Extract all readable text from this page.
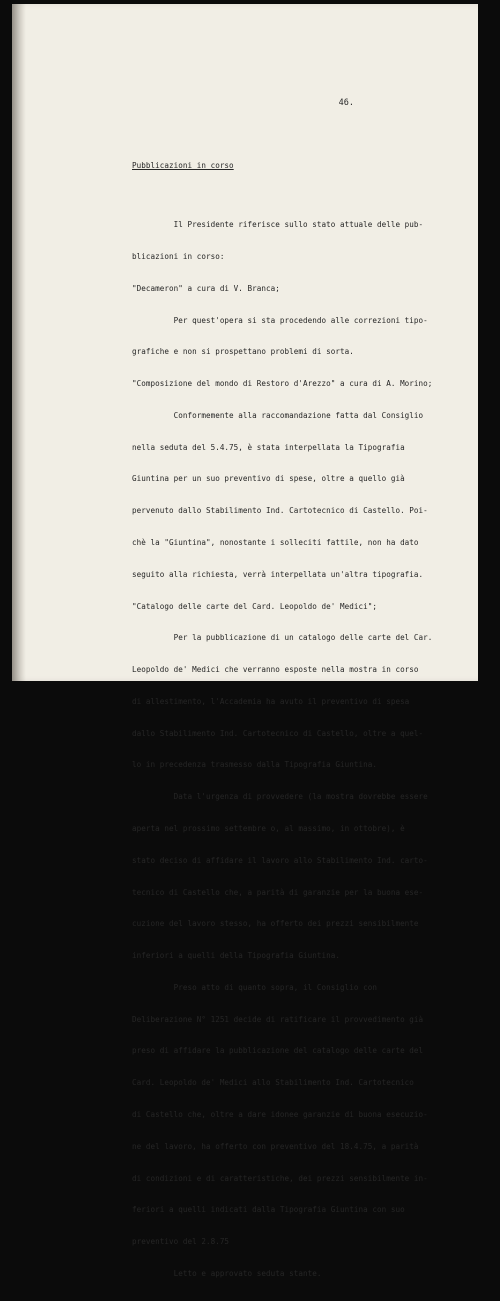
46.

Pubblicazioni in corso

Il Presidente riferisce sullo stato attuale delle pub-

blicazioni in corso:

"Decameron" a cura di V. Branca;

Per quest'opera si sta procedendo alle correzioni tipo-

grafiche e non si prospettano problemi di sorta.

"Composizione del mondo di Restoro d'Arezzo" a cura di A. Morino;

Conformemente alla raccomandazione fatta dal Consiglio

nella seduta del 5.4.75, è stata interpellata la Tipografia

Giuntina per un suo preventivo di spese, oltre a quello già

pervenuto dallo Stabilimento Ind. Cartotecnico di Castello. Poi-

chè la "Giuntina", nonostante i solleciti fattile, non ha dato

seguito alla richiesta, verrà interpellata un'altra tipografia.

"Catalogo delle carte del Card. Leopoldo de' Medici";

Per la pubblicazione di un catalogo delle carte del Car.

Leopoldo de' Medici che verranno esposte nella mostra in corso

di allestimento, l'Accademia ha avuto il preventivo di spesa

dallo Stabilimento Ind. Cartotecnico di Castello, oltre a quel-

lo in precedenza trasmesso dalla Tipografia Giuntina.

Data l'urgenza di provvedere (la mostra dovrebbe essere

aperta nel prossimo settembre o, al massimo, in ottobre), è

stato deciso di affidare il lavoro allo Stabilimento Ind. carto-

tecnico di Castello che, a parità di garanzie per la buona ese-

cuzione del lavoro stesso, ha offerto dei prezzi sensibilmente

inferiori a quelli della Tipografia Giuntina.

Preso atto di quanto sopra, il Consiglio con

Deliberazione N° 1251 decide di ratificare il provvedimento già

preso di affidare la pubblicazione del catalogo delle carte del

Card. Leopoldo de' Medici allo Stabilimento Ind. Cartotecnico

di Castello che, oltre a dare idonee garanzie di buona esecuzio-

ne del lavoro, ha offerto con preventivo del 18.4.75, a parità

di condizioni e di caratteristiche, dei prezzi sensibilmente in-

feriori a quelli indicati dalla Tipografia Giuntina con suo

preventivo del 2.8.75

Letto e approvato seduta stante.
